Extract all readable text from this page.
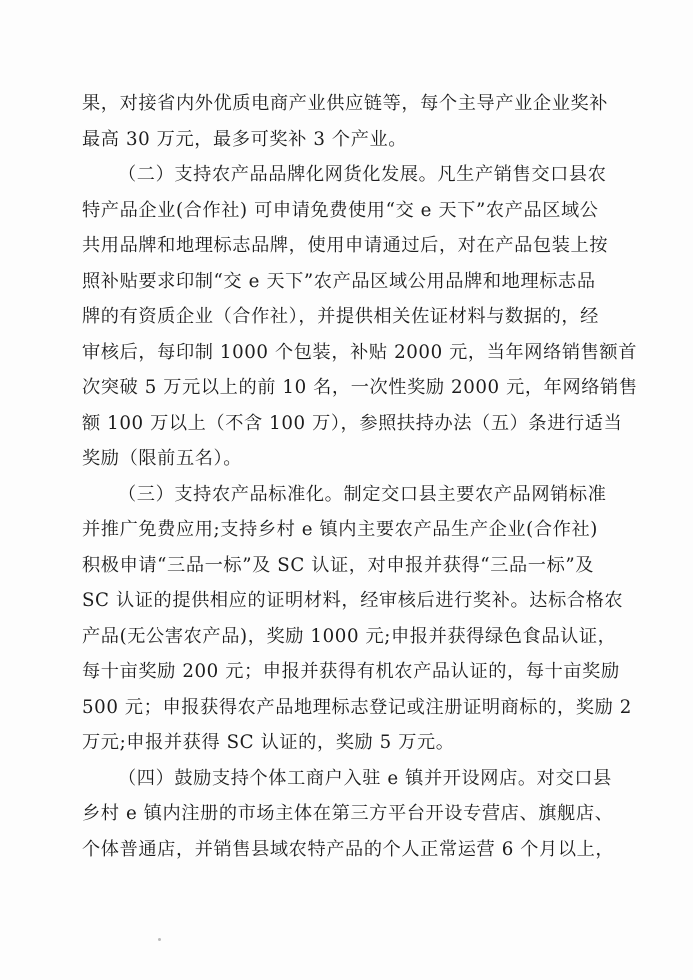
果，对接省内外优质电商产业供应链等，每个主导产业企业奖补
最高 30 万元，最多可奖补 3 个产业。
（二）支持农产品品牌化网货化发展。凡生产销售交口县农
特产品企业(合作社) 可申请免费使用“交 e 天下”农产品区域公
共用品牌和地理标志品牌，使用申请通过后，对在产品包装上按
照补贴要求印制“交 e 天下”农产品区域公用品牌和地理标志品
牌的有资质企业（合作社），并提供相关佐证材料与数据的，经
审核后，每印制 1000 个包装，补贴 2000 元，当年网络销售额首
次突破 5 万元以上的前 10 名，一次性奖励 2000 元，年网络销售
额 100 万以上（不含 100 万），参照扶持办法（五）条进行适当
奖励（限前五名）。
（三）支持农产品标准化。制定交口县主要农产品网销标准
并推广免费应用;支持乡村 e 镇内主要农产品生产企业(合作社)
积极申请“三品一标”及 SC 认证，对申报并获得“三品一标”及
SC 认证的提供相应的证明材料，经审核后进行奖补。达标合格农
产品(无公害农产品)，奖励 1000 元;申报并获得绿色食品认证，
每十亩奖励 200 元；申报并获得有机农产品认证的，每十亩奖励
500 元；申报获得农产品地理标志登记或注册证明商标的，奖励 2
万元;申报并获得 SC 认证的，奖励 5 万元。
（四）鼓励支持个体工商户入驻 e 镇并开设网店。对交口县
乡村 e 镇内注册的市场主体在第三方平台开设专营店、旗舰店、
个体普通店，并销售县域农特产品的个人正常运营 6 个月以上，
